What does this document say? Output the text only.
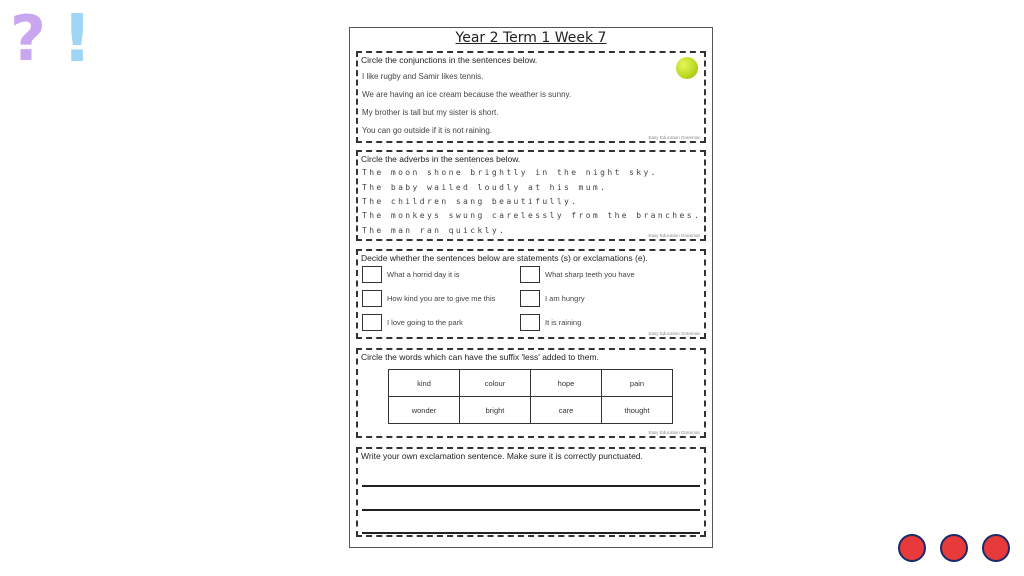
? !	Year 2 Term 1 Week 7
Circle the conjunctions in the sentences below.
I like rugby and Samir likes tennis.
We are having an ice cream because the weather is sunny.
My brother is tall but my sister is short.
You can go outside if it is not raining.
Easy Education Grammar
Circle the adverbs in the sentences below.
The moon shone brightly in the night sky.
The baby wailed loudly at his mum.
The children sang beautifully.
The monkeys swung carelessly from the branches.
The man ran quickly.
Easy Education Grammar
Decide whether the sentences below are statements (s) or exclamations (e).
What a horrid day it is
How kind you are to give me this
I love going to the park
What sharp teeth you have
I am hungry
It is raining
Easy Education Grammar
Circle the words which can have the suffix 'less' added to them.
kind	colour	hope	pain
wonder	bright	care	thought
Easy Education Grammar
Write your own exclamation sentence. Make sure it is correctly punctuated.
